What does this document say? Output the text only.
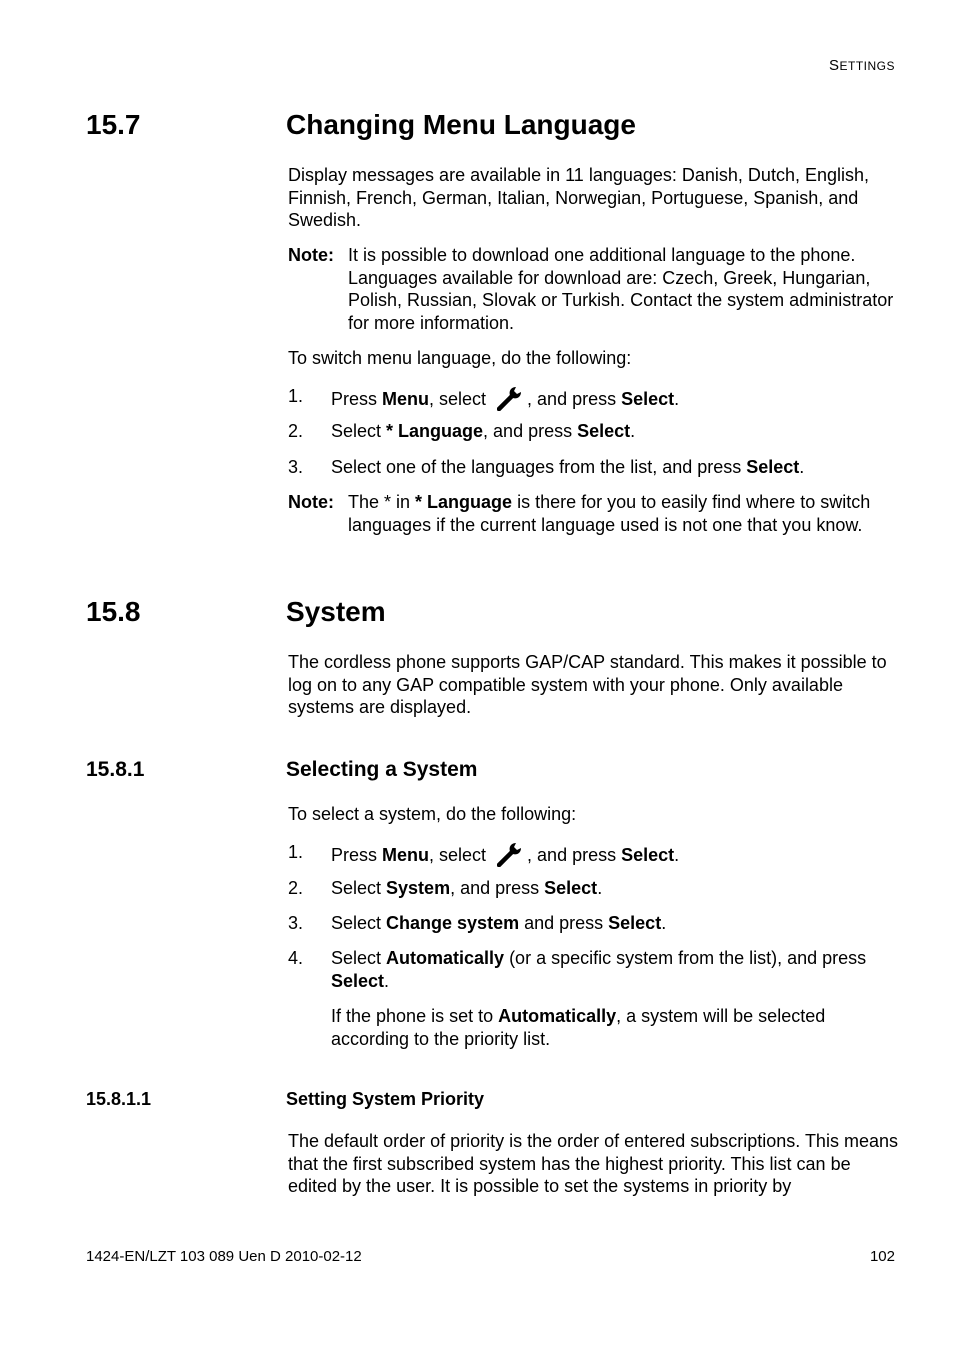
SETTINGS
15.7	Changing Menu Language
Display messages are available in 11 languages: Danish, Dutch, English, Finnish, French, German, Italian, Norwegian, Portuguese, Spanish, and Swedish.
Note: It is possible to download one additional language to the phone. Languages available for download are: Czech, Greek, Hungarian, Polish, Russian, Slovak or Turkish. Contact the system administrator for more information.
To switch menu language, do the following:
1. Press Menu, select , and press Select.
2. Select * Language, and press Select.
3. Select one of the languages from the list, and press Select.
Note: The * in * Language is there for you to easily find where to switch languages if the current language used is not one that you know.
15.8	System
The cordless phone supports GAP/CAP standard. This makes it possible to log on to any GAP compatible system with your phone. Only available systems are displayed.
15.8.1	Selecting a System
To select a system, do the following:
1. Press Menu, select , and press Select.
2. Select System, and press Select.
3. Select Change system and press Select.
4. Select Automatically (or a specific system from the list), and press Select.
If the phone is set to Automatically, a system will be selected according to the priority list.
15.8.1.1	Setting System Priority
The default order of priority is the order of entered subscriptions. This means that the first subscribed system has the highest priority. This list can be edited by the user. It is possible to set the systems in priority by
1424-EN/LZT 103 089 Uen D 2010-02-12	102
